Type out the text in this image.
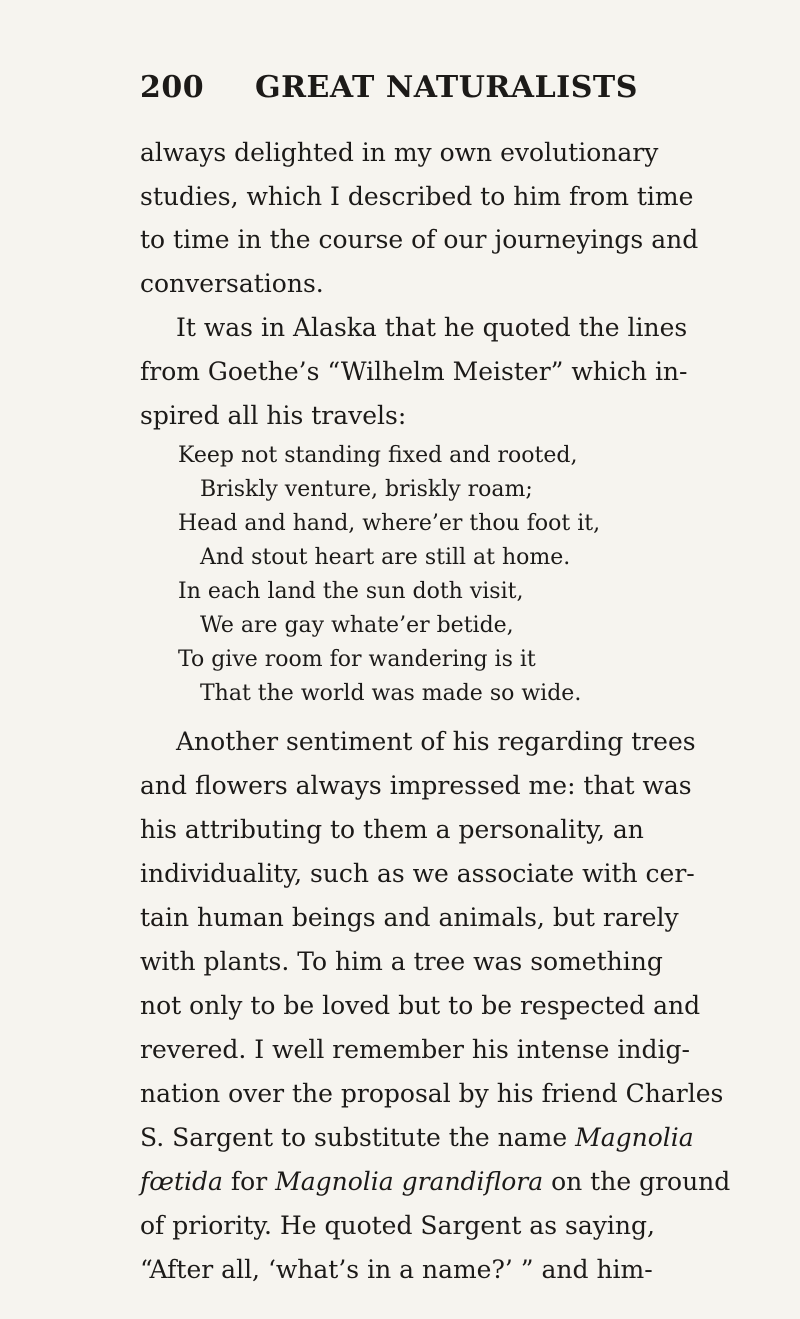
200 GREAT NATURALISTS
always delighted in my own evolutionary
studies, which I described to him from time
to time in the course of our journeyings and
conversations.
It was in Alaska that he quoted the lines
from Goethe’s “Wilhelm Meister” which in-
spired all his travels:
Keep not standing fixed and rooted,
Briskly venture, briskly roam;
Head and hand, where’er thou foot it,
And stout heart are still at home.
In each land the sun doth visit,
We are gay whate’er betide,
To give room for wandering is it
That the world was made so wide.
Another sentiment of his regarding trees
and flowers always impressed me: that was
his attributing to them a personality, an
individuality, such as we associate with cer-
tain human beings and animals, but rarely
with plants. To him a tree was something
not only to be loved but to be respected and
revered. I well remember his intense indig-
nation over the proposal by his friend Charles
S. Sargent to substitute the name Magnolia
fœtida for Magnolia grandiflora on the ground
of priority. He quoted Sargent as saying,
“After all, ‘what’s in a name?’ ” and him-
